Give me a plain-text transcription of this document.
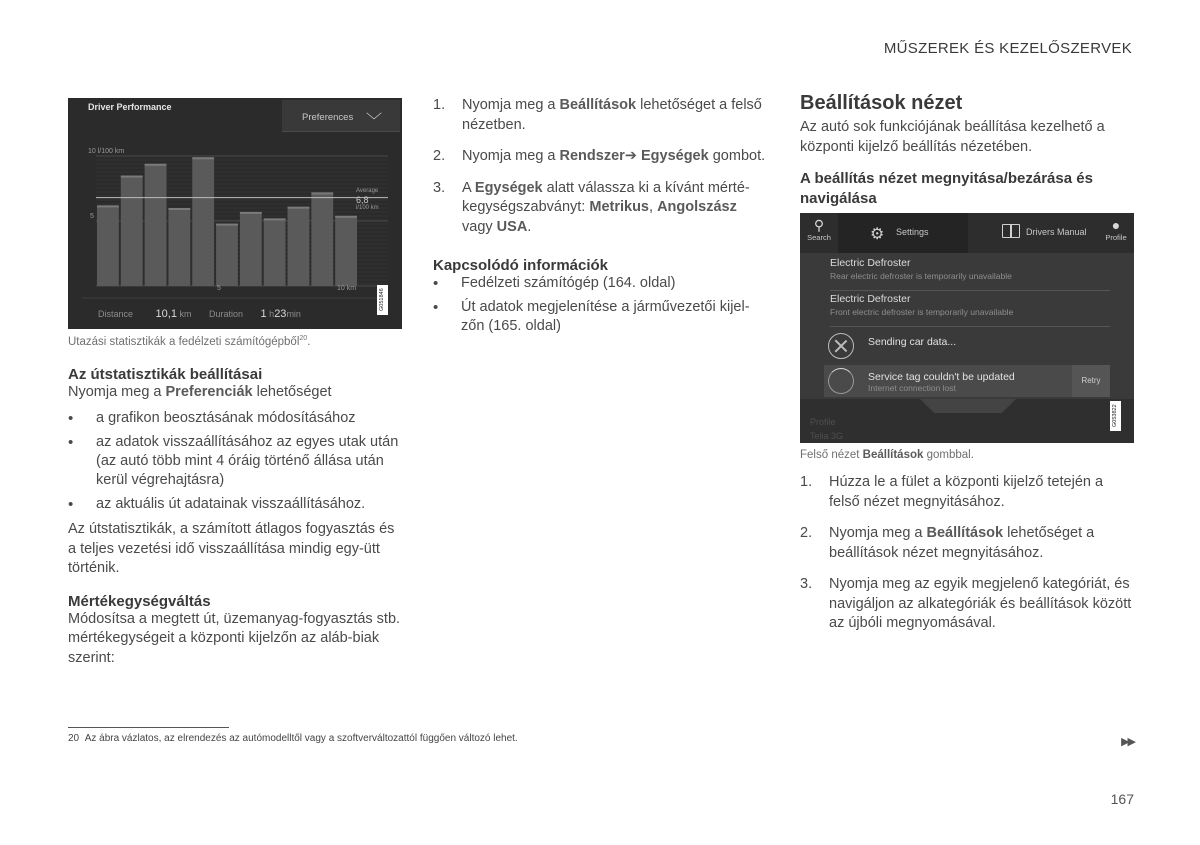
MŰSZEREK ÉS KEZELŐSZERVEK
Driver Performance
Preferences ﹀
10 l/100 km
5
Average
6,8
l/100 km
5	10 km
Distance 10,1 km Duration 1 h23min
G051846
Utazási statisztikák a fedélzeti számítógépből$^{20}$.
Az útstatisztikák beállításai

Nyomja meg a Preferenciák lehetőséget

• a grafikon beosztásának módosításához
• az adatok visszaállításához az egyes utak után (az autó több mint 4 óráig történő állása után kerül végrehajtásra)
• az aktuális út adatainak visszaállításához.

Az útstatisztikák, a számított átlagos fogyasztás és a teljes vezetési idő visszaállítása mindig egy-ütt történik.

Mértékegységváltás

Módosítsa a megtett út, üzemanyag-fogyasztás stb. mértékegységeit a központi kijelzőn az aláb-biak szerint:

1. Nyomja meg a Beállítások lehetőséget a felső nézetben.
2. Nyomja meg a Rendszer➔ Egységek gombot.
3. A Egységek alatt válassza ki a kívánt mérté-kegységszabványt: Metrikus, Angolszász vagy USA.
Kapcsolódó információk
• Fedélzeti számítógép (164. oldal)
• Út adatok megjelenítése a járművezetői kijel-zőn (165. oldal)
Beállítások nézet

Az autó sok funkciójának beállítása kezelhető a központi kijelző beállítás nézetében.

A beállítás nézet megnyitása/bezárása és navigálása
⚲
Search	⚙ Settings	Drivers Manual	●
Profile
Electric Defroster
Rear electric defroster is temporarily unavailable
Electric Defroster
Front electric defroster is temporarily unavailable
Sending car data...
Service tag couldn't be updated
Internet connection lost
Retry
Profile
Telia 3G
G053822
Felső nézet Beállítások gombbal.
1. Húzza le a fület a központi kijelző tetején a felső nézet megnyitásához.
2. Nyomja meg a Beállítások lehetőséget a beállítások nézet megnyitásához.
3. Nyomja meg az egyik megjelenő kategóriát, és navigáljon az alkategóriák és beállítások között az újbóli megnyomásával.
20 Az ábra vázlatos, az elrendezés az autómodelltől vagy a szoftverváltozattól függően változó lehet.	▶▶
167
